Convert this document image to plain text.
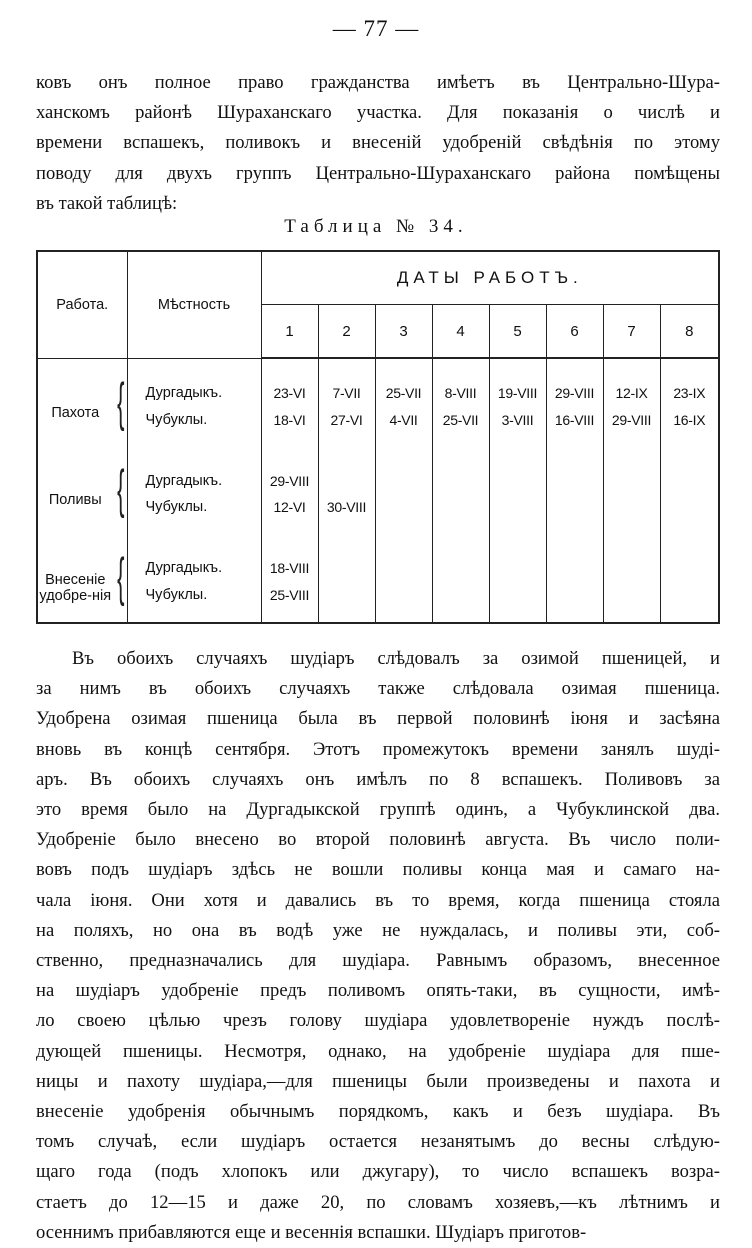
— 77 —

ковъ онъ полное право гражданства имѣетъ въ Центрально-Шура-
ханскомъ районѣ Шураханскаго участка. Для показанія о числѣ и
времени вспашекъ, поливокъ и внесеній удобреній свѣдѣнія по этому
поводу для двухъ группъ Центрально-Шураханскаго района помѣщены
въ такой таблицѣ:

Таблица № 34.
Работа.	Мѣстность	ДАТЫ РАБОТЪ.							
		1	2	3	4	5	6	7	8
Пахота {	Дургадыкъ.	23-VI	7-VII	25-VII	8-VIII	19-VIII	29-VIII	12-IX	23-IX
	Чубуклы.	18-VI	27-VI	4-VII	25-VII	3-VIII	16-VIII	29-VIII	16-IX
Поливы {	Дургадыкъ.	29-VIII							
	Чубуклы.	12-VI	30-VIII						
Внесеніе удобре-нія {	Дургадыкъ.	18-VIII							
	Чубуклы.	25-VIII							

Въ обоихъ случаяхъ шудіаръ слѣдовалъ за озимой пшеницей, и
за нимъ въ обоихъ случаяхъ также слѣдовала озимая пшеница.
Удобрена озимая пшеница была въ первой половинѣ іюня и засѣяна
вновь въ концѣ сентября. Этотъ промежутокъ времени занялъ шуді-
аръ. Въ обоихъ случаяхъ онъ имѣлъ по 8 вспашекъ. Поливовъ за
это время было на Дургадыкской группѣ одинъ, а Чубуклинской два.
Удобреніе было внесено во второй половинѣ августа. Въ число поли-
вовъ подъ шудіаръ здѣсь не вошли поливы конца мая и самаго на-
чала іюня. Они хотя и давались въ то время, когда пшеница стояла
на поляхъ, но она въ водѣ уже не нуждалась, и поливы эти, соб-
ственно, предназначались для шудіара. Равнымъ образомъ, внесенное
на шудіаръ удобреніе предъ поливомъ опять-таки, въ сущности, имѣ-
ло своею цѣлью чрезъ голову шудіара удовлетвореніе нуждъ послѣ-
дующей пшеницы. Несмотря, однако, на удобреніе шудіара для пше-
ницы и пахоту шудіара,—для пшеницы были произведены и пахота и
внесеніе удобренія обычнымъ порядкомъ, какъ и безъ шудіара. Въ
томъ случаѣ, если шудіаръ остается незанятымъ до весны слѣдую-
щаго года (подъ хлопокъ или джугару), то число вспашекъ возра-
стаетъ до 12—15 и даже 20, по словамъ хозяевъ,—къ лѣтнимъ и
осеннимъ прибавляются еще и весеннія вспашки. Шудіаръ приготов-
